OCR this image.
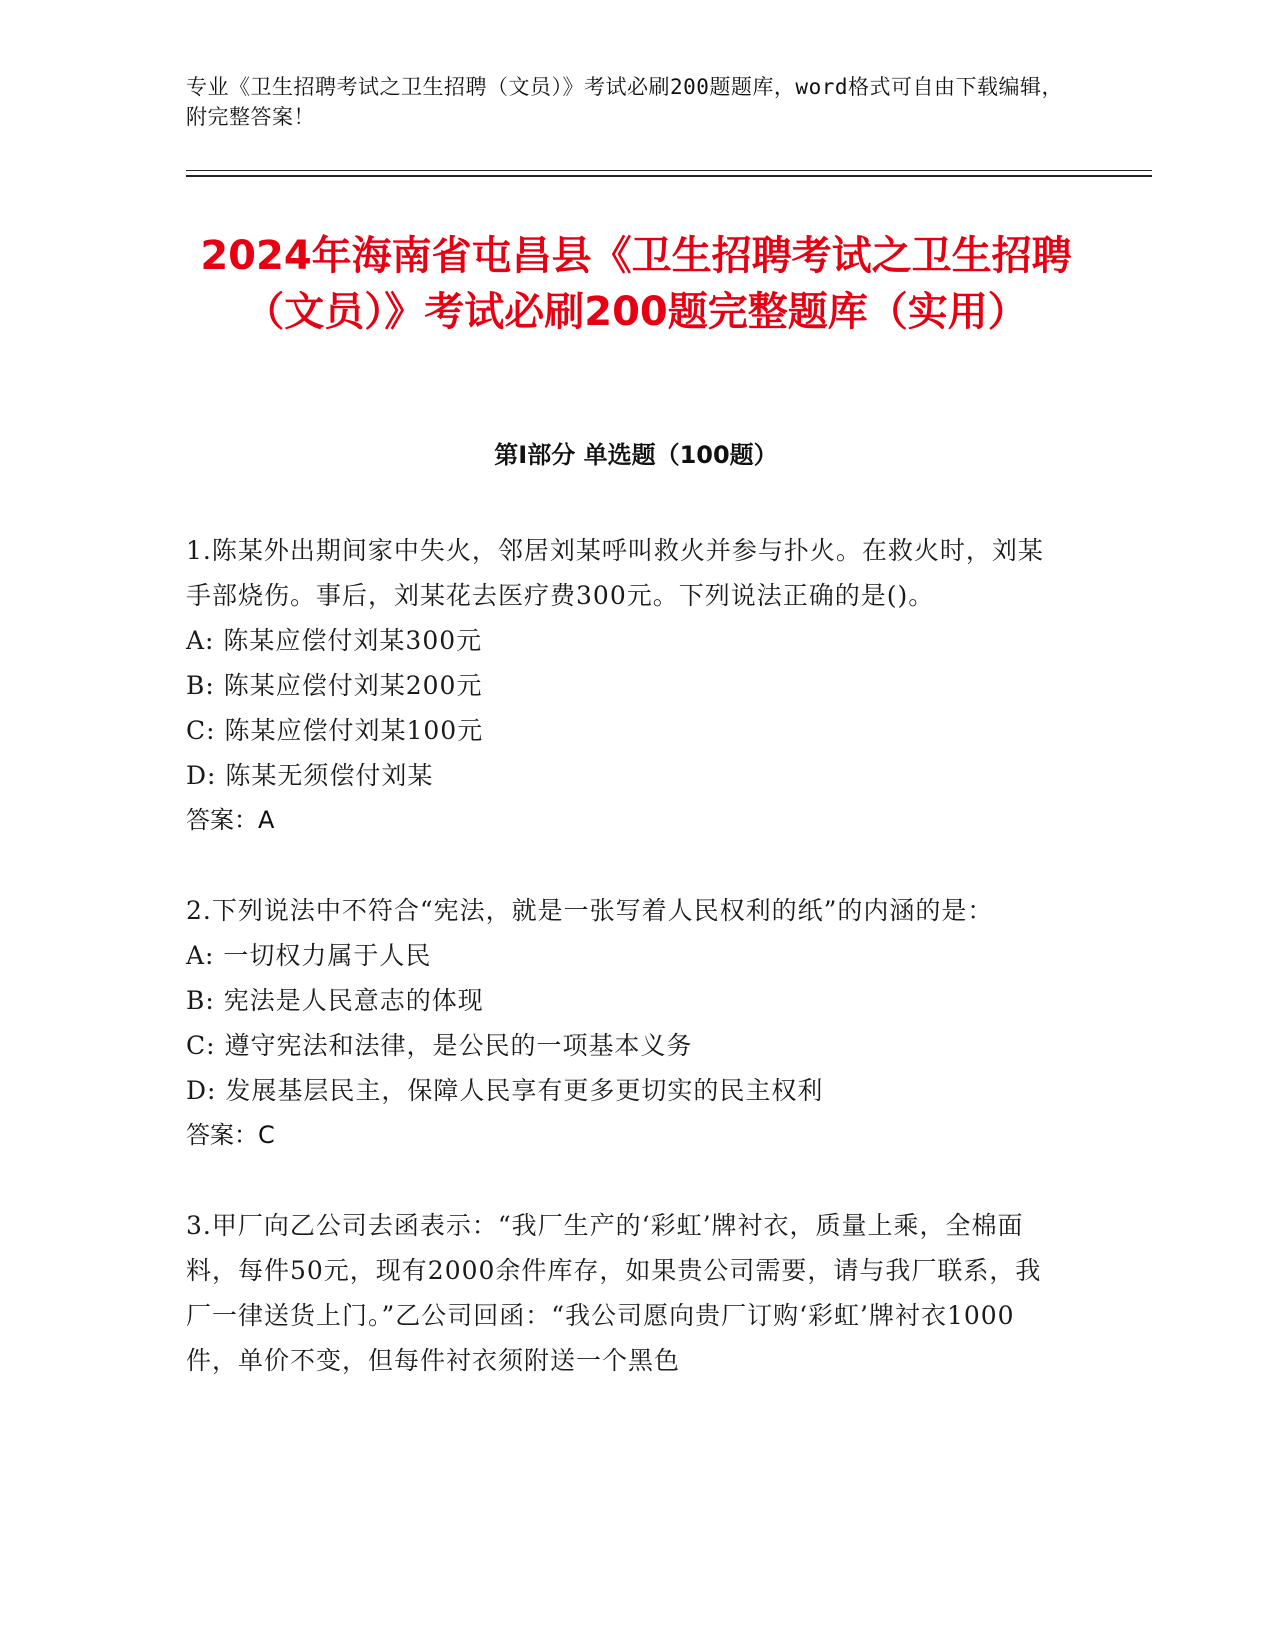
专业《卫生招聘考试之卫生招聘（文员）》考试必刷200题题库，word格式可自由下载编辑，附完整答案！
2024年海南省屯昌县《卫生招聘考试之卫生招聘（文员）》考试必刷200题完整题库（实用）
第I部分 单选题（100题）

1.陈某外出期间家中失火，邻居刘某呼叫救火并参与扑火。在救火时，刘某手部烧伤。事后，刘某花去医疗费300元。下列说法正确的是()。

A: 陈某应偿付刘某300元

B: 陈某应偿付刘某200元

C: 陈某应偿付刘某100元

D: 陈某无须偿付刘某

答案：A

2.下列说法中不符合“宪法，就是一张写着人民权利的纸”的内涵的是：

A: 一切权力属于人民

B: 宪法是人民意志的体现

C: 遵守宪法和法律，是公民的一项基本义务

D: 发展基层民主，保障人民享有更多更切实的民主权利

答案：C

3.甲厂向乙公司去函表示：“我厂生产的‘彩虹’牌衬衣，质量上乘，全棉面料，每件50元，现有2000余件库存，如果贵公司需要，请与我厂联系，我厂一律送货上门。”乙公司回函：“我公司愿向贵厂订购‘彩虹’牌衬衣1000件，单价不变，但每件衬衣须附送一个黑色
